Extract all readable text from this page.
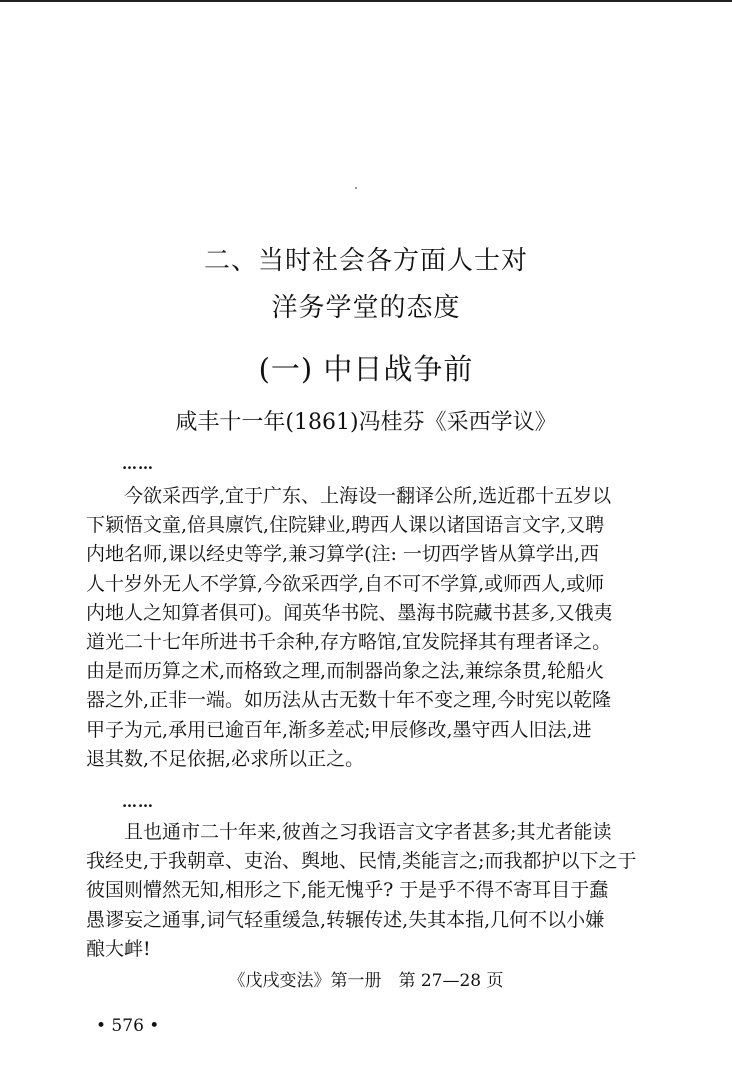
二、当时社会各方面人士对
洋务学堂的态度
(一) 中日战争前
咸丰十一年(1861)冯桂芬《采西学议》
……
今欲采西学,宜于广东、上海设一翻译公所,选近郡十五岁以
下颖悟文童,倍具廪饩,住院肄业,聘西人课以诸国语言文字,又聘
内地名师,课以经史等学,兼习算学(注: 一切西学皆从算学出,西
人十岁外无人不学算,今欲采西学,自不可不学算,或师西人,或师
内地人之知算者俱可)。闻英华书院、墨海书院藏书甚多,又俄夷
道光二十七年所进书千余种,存方略馆,宜发院择其有理者译之。
由是而历算之术,而格致之理,而制器尚象之法,兼综条贯,轮船火
器之外,正非一端。如历法从古无数十年不变之理,今时宪以乾隆
甲子为元,承用已逾百年,渐多差忒;甲辰修改,墨守西人旧法,进
退其数,不足依据,必求所以正之。
……
且也通市二十年来,彼酋之习我语言文字者甚多;其尤者能读
我经史,于我朝章、吏治、舆地、民情,类能言之;而我都护以下之于
彼国则懵然无知,相形之下,能无愧乎? 于是乎不得不寄耳目于蠢
愚谬妄之通事,词气轻重缓急,转辗传述,失其本指,几何不以小嫌
酿大衅!
《戊戌变法》第一册　第 27—28 页
• 576 •
